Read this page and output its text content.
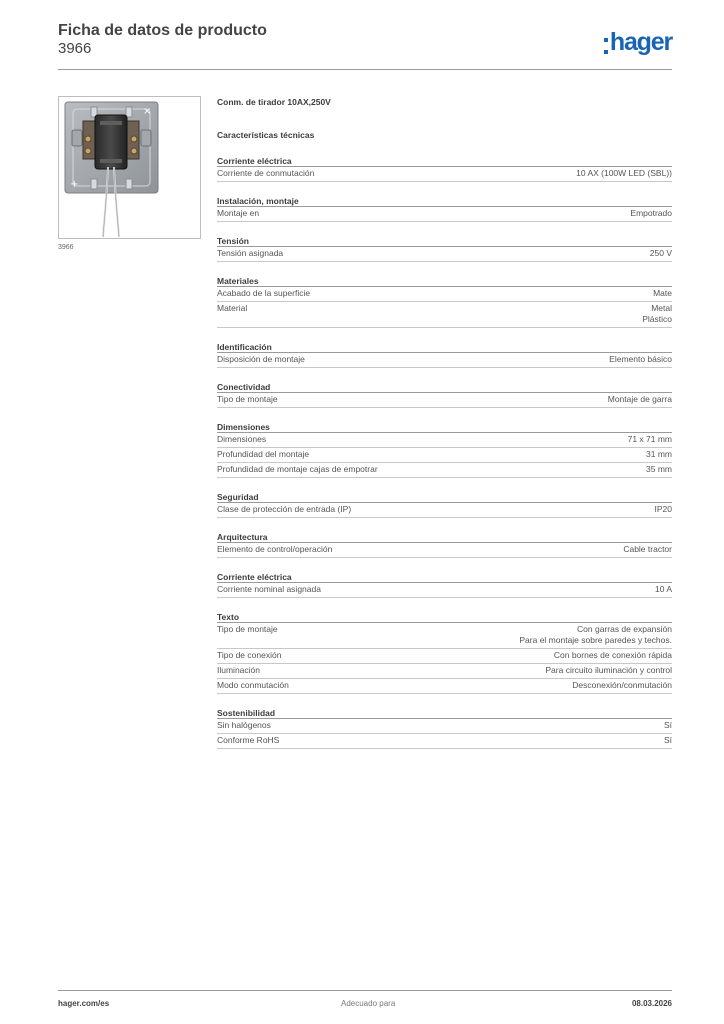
Ficha de datos de producto
3966	hager
×
+
3966
Conm. de tirador 10AX,250V
Características técnicas
Corriente eléctrica
Corriente de conmutación	10 AX (100W LED (SBL))
Instalación, montaje
Montaje en	Empotrado
Tensión
Tensión asignada	250 V
Materiales
Acabado de la superficie	Mate
Material	Metal
Plástico
Identificación
Disposición de montaje	Elemento básico
Conectividad
Tipo de montaje	Montaje de garra
Dimensiones
Dimensiones	71 x 71 mm
Profundidad del montaje	31 mm
Profundidad de montaje cajas de empotrar	35 mm
Seguridad
Clase de protección de entrada (IP)	IP20
Arquitectura
Elemento de control/operación	Cable tractor
Corriente eléctrica
Corriente nominal asignada	10 A
Texto
Tipo de montaje	Con garras de expansión
Para el montaje sobre paredes y techos.
Tipo de conexión	Con bornes de conexión rápida
Iluminación	Para circuito iluminación y control
Modo conmutación	Desconexión/conmutación
Sostenibilidad
Sin halógenos	Sí
Conforme RoHS	Sí
hager.com/es	Adecuado para	08.03.2026
